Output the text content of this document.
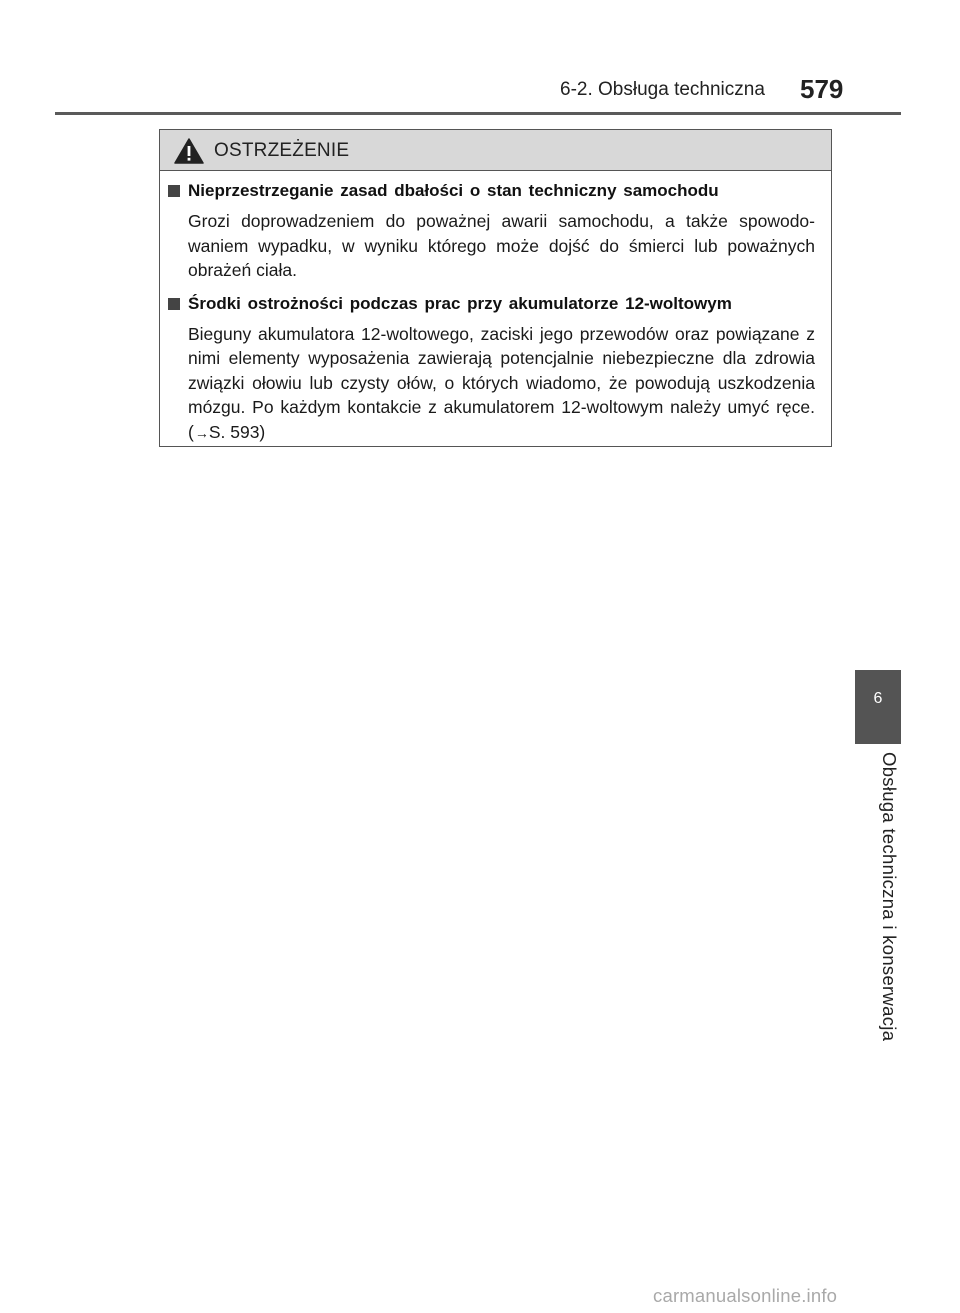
6-2. Obsługa techniczna 579
OSTRZEŻENIE
Nieprzestrzeganie zasad dbałości o stan techniczny samochodu
Grozi doprowadzeniem do poważnej awarii samochodu, a także spowodowaniem wypadku, w wyniku którego może dojść do śmierci lub poważnych obrażeń ciała.
Środki ostrożności podczas prac przy akumulatorze 12-woltowym
Bieguny akumulatora 12-woltowego, zaciski jego przewodów oraz powiązane z nimi elementy wyposażenia zawierają potencjalnie niebezpieczne dla zdrowia związki ołowiu lub czysty ołów, o których wiadomo, że powodują uszkodzenia mózgu. Po każdym kontakcie z akumulatorem 12-woltowym należy umyć ręce. (→S. 593)
6
Obsługa techniczna i konserwacja
carmanualsonline.info
